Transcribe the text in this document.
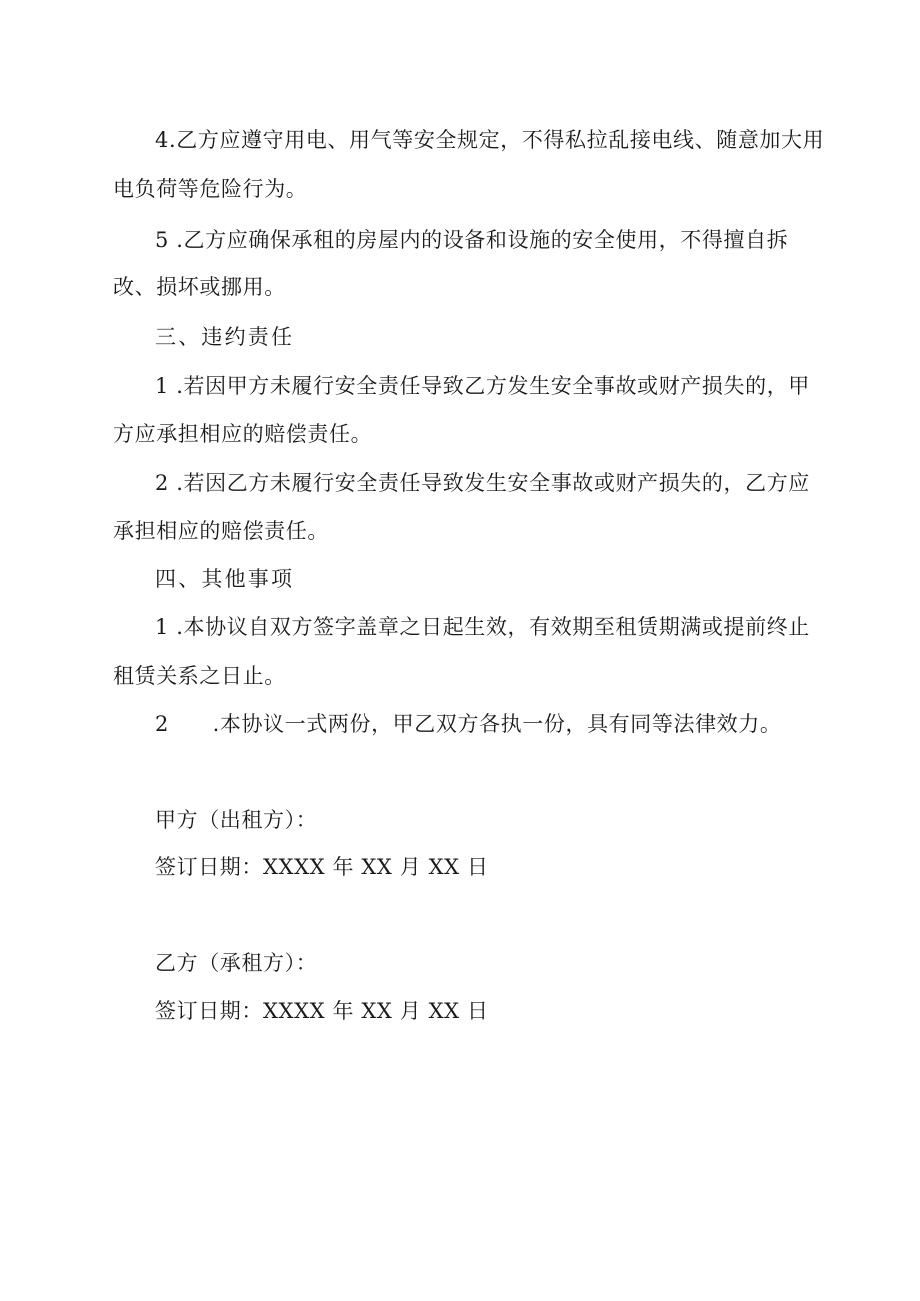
4.乙方应遵守用电、用气等安全规定，不得私拉乱接电线、随意加大用
电负荷等危险行为。
5 .乙方应确保承租的房屋内的设备和设施的安全使用，不得擅自拆
改、损坏或挪用。
三、违约责任
1 .若因甲方未履行安全责任导致乙方发生安全事故或财产损失的，甲
方应承担相应的赔偿责任。
2 .若因乙方未履行安全责任导致发生安全事故或财产损失的，乙方应
承担相应的赔偿责任。
四、其他事项
1 .本协议自双方签字盖章之日起生效，有效期至租赁期满或提前终止
租赁关系之日止。
2      .本协议一式两份，甲乙双方各执一份，具有同等法律效力。
甲方（出租方）：
签订日期：XXXX 年 XX 月 XX 日
乙方（承租方）：
签订日期：XXXX 年 XX 月 XX 日
